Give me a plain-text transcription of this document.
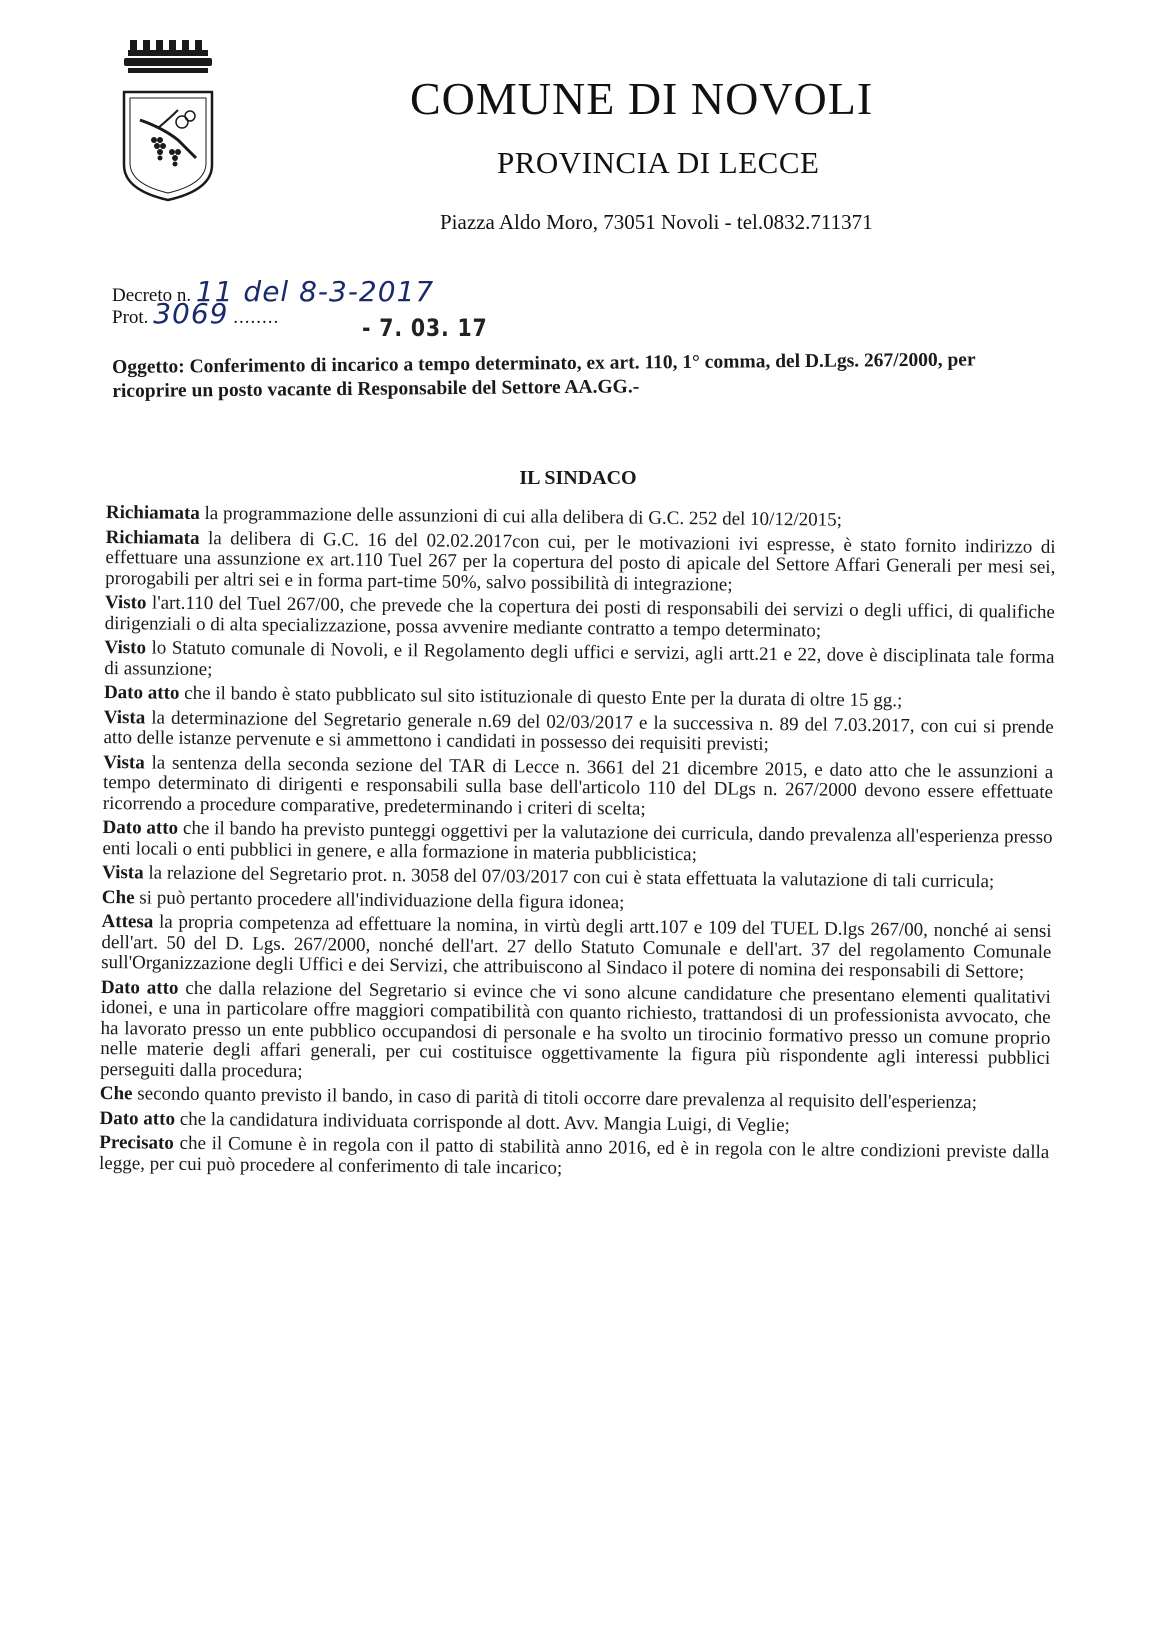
COMUNE DI NOVOLI
PROVINCIA DI LECCE
Piazza Aldo Moro, 73051 Novoli - tel.0832.711371
Decreto n. 11 del 8-3-2017
Prot. 3069 ........	- 7. 03. 17
Oggetto: Conferimento di incarico a tempo determinato, ex art. 110, 1° comma, del D.Lgs. 267/2000, per ricoprire un posto vacante di Responsabile del Settore AA.GG.-
IL SINDACO

Richiamata la programmazione delle assunzioni di cui alla delibera di G.C. 252 del 10/12/2015;

Richiamata la delibera di G.C. 16 del 02.02.2017con cui, per le motivazioni ivi espresse, è stato fornito indirizzo di effettuare una assunzione ex art.110 Tuel 267 per la copertura del posto di apicale del Settore Affari Generali per mesi sei, prorogabili per altri sei e in forma part-time 50%, salvo possibilità di integrazione;

Visto l'art.110 del Tuel 267/00, che prevede che la copertura dei posti di responsabili dei servizi o degli uffici, di qualifiche dirigenziali o di alta specializzazione, possa avvenire mediante contratto a tempo determinato;

Visto lo Statuto comunale di Novoli, e il Regolamento degli uffici e servizi, agli artt.21 e 22, dove è disciplinata tale forma di assunzione;

Dato atto che il bando è stato pubblicato sul sito istituzionale di questo Ente per la durata di oltre 15 gg.;

Vista la determinazione del Segretario generale n.69 del 02/03/2017 e la successiva n. 89 del 7.03.2017, con cui si prende atto delle istanze pervenute e si ammettono i candidati in possesso dei requisiti previsti;

Vista la sentenza della seconda sezione del TAR di Lecce n. 3661 del 21 dicembre 2015, e dato atto che le assunzioni a tempo determinato di dirigenti e responsabili sulla base dell'articolo 110 del DLgs n. 267/2000 devono essere effettuate ricorrendo a procedure comparative, predeterminando i criteri di scelta;

Dato atto che il bando ha previsto punteggi oggettivi per la valutazione dei curricula, dando prevalenza all'esperienza presso enti locali o enti pubblici in genere, e alla formazione in materia pubblicistica;

Vista la relazione del Segretario prot. n. 3058 del 07/03/2017 con cui è stata effettuata la valutazione di tali curricula;

Che si può pertanto procedere all'individuazione della figura idonea;

Attesa la propria competenza ad effettuare la nomina, in virtù degli artt.107 e 109 del TUEL D.lgs 267/00, nonché ai sensi dell'art. 50 del D. Lgs. 267/2000, nonché dell'art. 27 dello Statuto Comunale e dell'art. 37 del regolamento Comunale sull'Organizzazione degli Uffici e dei Servizi, che attribuiscono al Sindaco il potere di nomina dei responsabili di Settore;

Dato atto che dalla relazione del Segretario si evince che vi sono alcune candidature che presentano elementi qualitativi idonei, e una in particolare offre maggiori compatibilità con quanto richiesto, trattandosi di un professionista avvocato, che ha lavorato presso un ente pubblico occupandosi di personale e ha svolto un tirocinio formativo presso un comune proprio nelle materie degli affari generali, per cui costituisce oggettivamente la figura più rispondente agli interessi pubblici perseguiti dalla procedura;

Che secondo quanto previsto il bando, in caso di parità di titoli occorre dare prevalenza al requisito dell'esperienza;

Dato atto che la candidatura individuata corrisponde al dott. Avv. Mangia Luigi, di Veglie;

Precisato che il Comune è in regola con il patto di stabilità anno 2016, ed è in regola con le altre condizioni previste dalla legge, per cui può procedere al conferimento di tale incarico;
